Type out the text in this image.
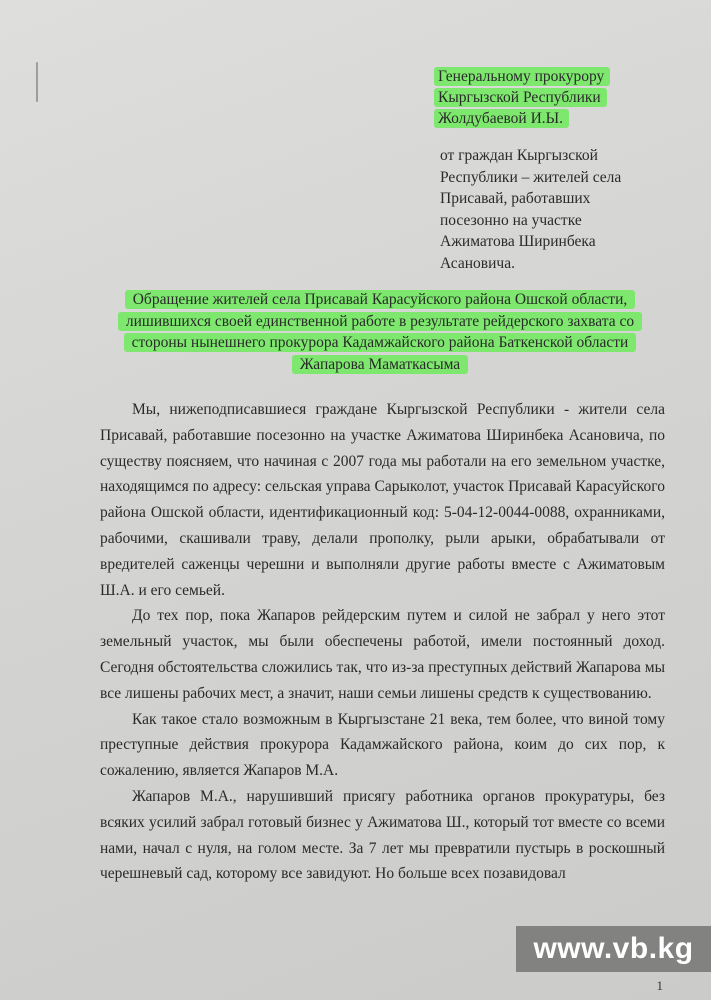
Генеральному прокурору
Кыргызской Республики
Жолдубаевой И.Ы.
от граждан Кыргызской
Республики – жителей села
Присавай, работавших
посезонно на участке
Ажиматова Ширинбека
Асановича.
Обращение жителей села Присавай Карасуйского района Ошской области,
лишившихся своей единственной работе в результате рейдерского захвата со
стороны нынешнего прокурора Кадамжайского района Баткенской области
Жапарова Маматкасыма

Мы, нижеподписавшиеся граждане Кыргызской Республики - жители села Присавай, работавшие посезонно на участке Ажиматова Ширинбека Асановича, по существу поясняем, что начиная с 2007 года мы работали на его земельном участке, находящимся по адресу: сельская управа Сарыколот, участок Присавай Карасуйского района Ошской области, идентификационный код: 5-04-12-0044-0088, охранниками, рабочими, скашивали траву, делали прополку, рыли арыки, обрабатывали от вредителей саженцы черешни и выполняли другие работы вместе с Ажиматовым Ш.А. и его семьей.

До тех пор, пока Жапаров рейдерским путем и силой не забрал у него этот земельный участок, мы были обеспечены работой, имели постоянный доход. Сегодня обстоятельства сложились так, что из-за преступных действий Жапарова мы все лишены рабочих мест, а значит, наши семьи лишены средств к существованию.

Как такое стало возможным в Кыргызстане 21 века, тем более, что виной тому преступные действия прокурора Кадамжайского района, коим до сих пор, к сожалению, является Жапаров М.А.

Жапаров М.А., нарушивший присягу работника органов прокуратуры, без всяких усилий забрал готовый бизнес у Ажиматова Ш., который тот вместе со всеми нами, начал с нуля, на голом месте. За 7 лет мы превратили пустырь в роскошный черешневый сад, которому все завидуют. Но больше всех позавидовал

1
www.vb.kg
